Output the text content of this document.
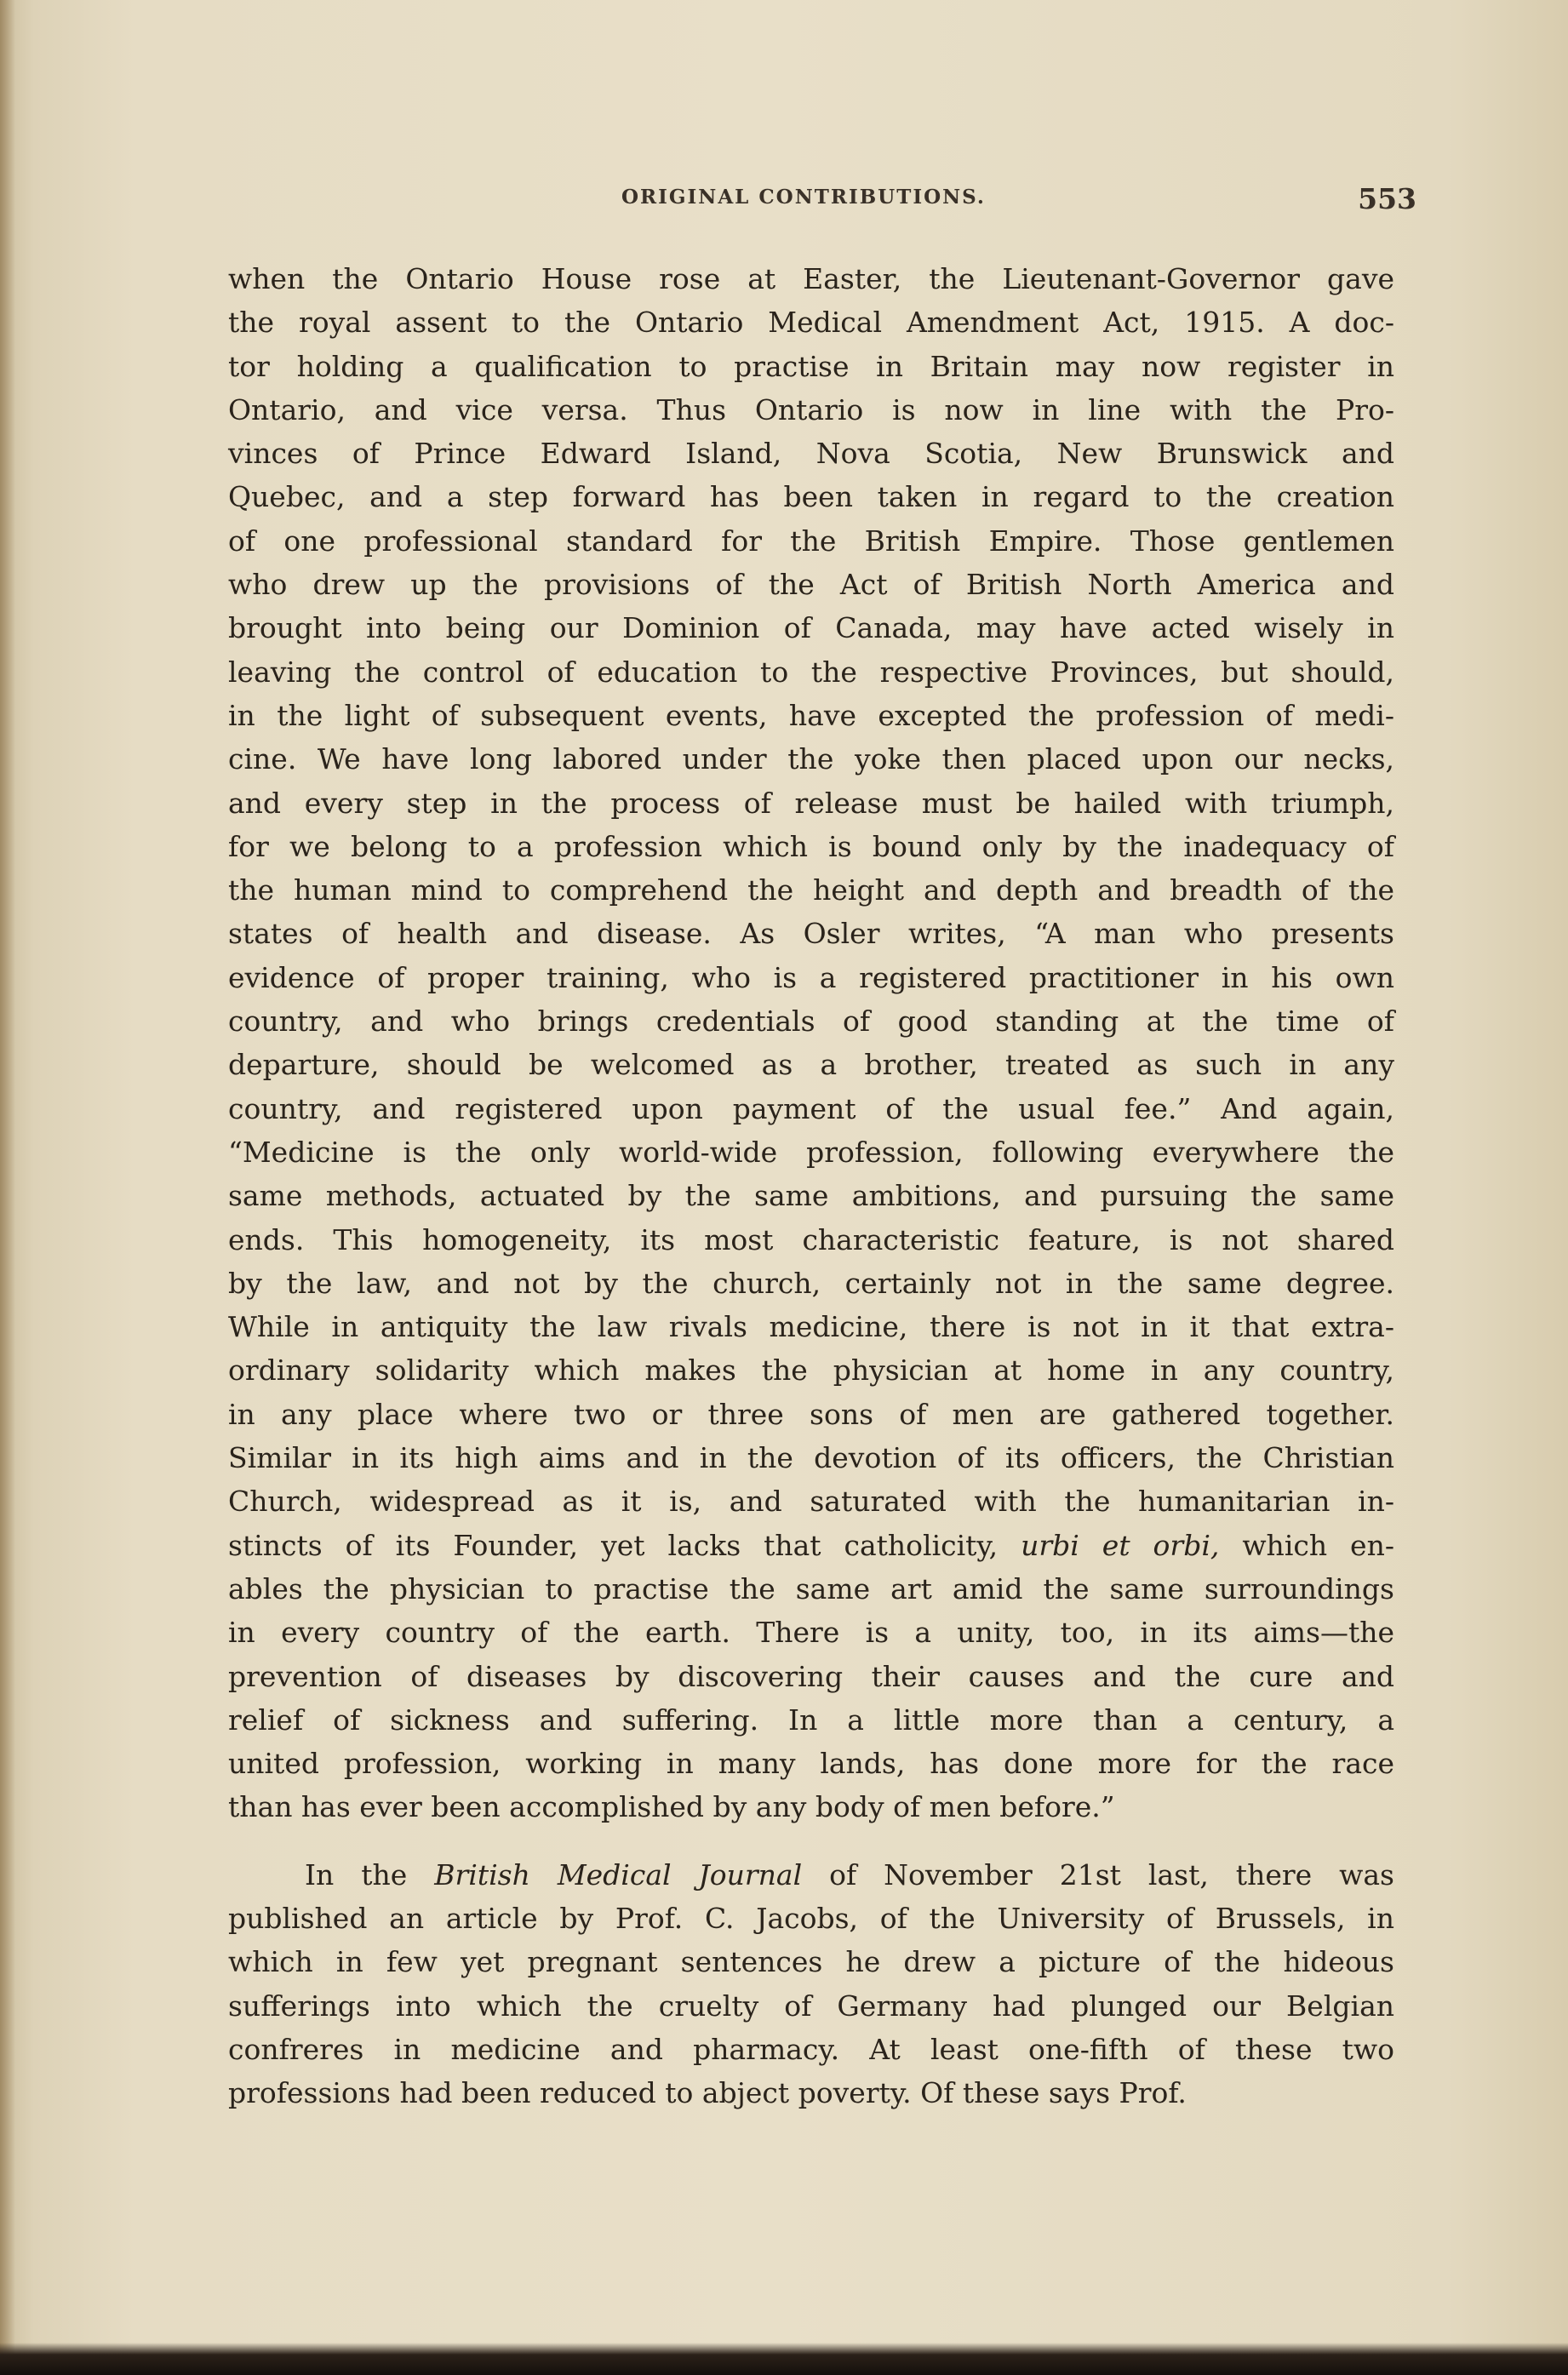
ORIGINAL CONTRIBUTIONS.	553
when the Ontario House rose at Easter, the Lieutenant-Governor gave
the royal assent to the Ontario Medical Amendment Act, 1915. A doc-
tor holding a qualification to practise in Britain may now register in
Ontario, and vice versa. Thus Ontario is now in line with the Pro-
vinces of Prince Edward Island, Nova Scotia, New Brunswick and
Quebec, and a step forward has been taken in regard to the creation
of one professional standard for the British Empire. Those gentlemen
who drew up the provisions of the Act of British North America and
brought into being our Dominion of Canada, may have acted wisely in
leaving the control of education to the respective Provinces, but should,
in the light of subsequent events, have excepted the profession of medi-
cine. We have long labored under the yoke then placed upon our necks,
and every step in the process of release must be hailed with triumph,
for we belong to a profession which is bound only by the inadequacy of
the human mind to comprehend the height and depth and breadth of the
states of health and disease. As Osler writes, “A man who presents
evidence of proper training, who is a registered practitioner in his own
country, and who brings credentials of good standing at the time of
departure, should be welcomed as a brother, treated as such in any
country, and registered upon payment of the usual fee.” And again,
“Medicine is the only world-wide profession, following everywhere the
same methods, actuated by the same ambitions, and pursuing the same
ends. This homogeneity, its most characteristic feature, is not shared
by the law, and not by the church, certainly not in the same degree.
While in antiquity the law rivals medicine, there is not in it that extra-
ordinary solidarity which makes the physician at home in any country,
in any place where two or three sons of men are gathered together.
Similar in its high aims and in the devotion of its officers, the Christian
Church, widespread as it is, and saturated with the humanitarian in-
stincts of its Founder, yet lacks that catholicity, urbi et orbi, which en-
ables the physician to practise the same art amid the same surroundings
in every country of the earth. There is a unity, too, in its aims—the
prevention of diseases by discovering their causes and the cure and
relief of sickness and suffering. In a little more than a century, a
united profession, working in many lands, has done more for the race
than has ever been accomplished by any body of men before.”
In the British Medical Journal of November 21st last, there was
published an article by Prof. C. Jacobs, of the University of Brussels, in
which in few yet pregnant sentences he drew a picture of the hideous
sufferings into which the cruelty of Germany had plunged our Belgian
confreres in medicine and pharmacy. At least one-fifth of these two
professions had been reduced to abject poverty. Of these says Prof.
